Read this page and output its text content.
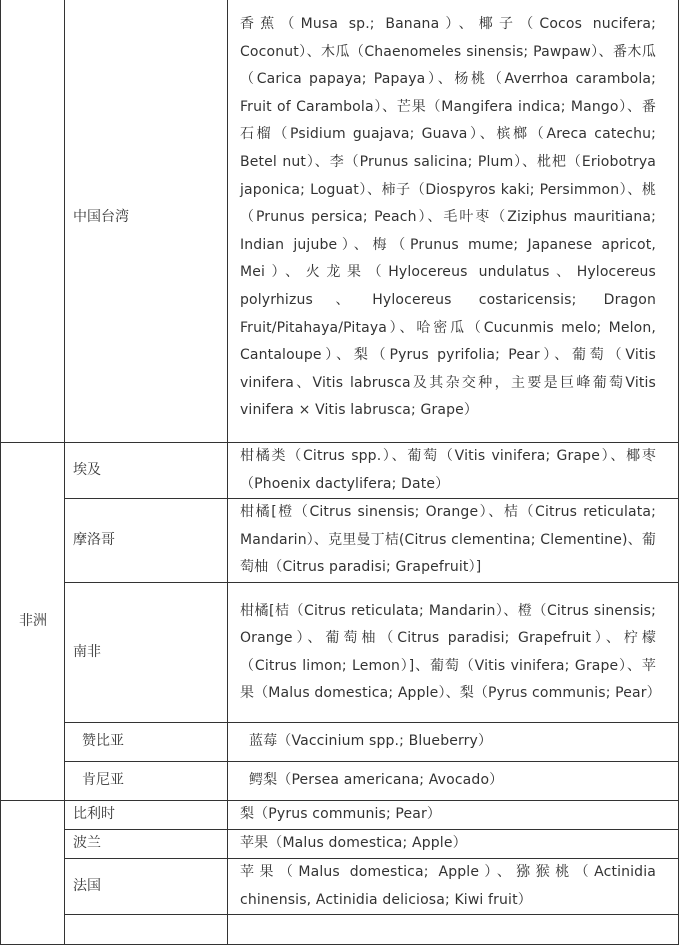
	中国台湾	香蕉（Musa sp.; Banana）、椰子（Cocos nucifera; Coconut）、木瓜（Chaenomeles sinensis; Pawpaw）、番木瓜（Carica papaya; Papaya）、杨桃（Averrhoa carambola; Fruit of Carambola）、芒果（Mangifera indica; Mango）、番石榴（Psidium guajava; Guava）、槟榔（Areca catechu; Betel nut）、李（Prunus salicina; Plum）、枇杷（Eriobotrya japonica; Loguat）、柿子（Diospyros kaki; Persimmon）、桃（Prunus persica; Peach）、毛叶枣（Ziziphus mauritiana; Indian jujube）、梅（Prunus mume; Japanese apricot, Mei）、火龙果（Hylocereus undulatus、Hylocereus polyrhizus、Hylocereus costaricensis; Dragon Fruit/Pitahaya/Pitaya）、哈密瓜（Cucunmis melo; Melon, Cantaloupe）、梨（Pyrus pyrifolia; Pear）、葡萄（Vitis vinifera、Vitis labrusca及其杂交种，主要是巨峰葡萄Vitis vinifera × Vitis labrusca; Grape）
非洲	埃及	柑橘类（Citrus spp.）、葡萄（Vitis vinifera; Grape）、椰枣（Phoenix dactylifera; Date）
	摩洛哥	柑橘[橙（Citrus sinensis; Orange）、桔（Citrus reticulata; Mandarin）、克里曼丁桔(Citrus clementina; Clementine)、葡萄柚（Citrus paradisi; Grapefruit）]
	南非	柑橘[桔（Citrus reticulata; Mandarin）、橙（Citrus sinensis; Orange）、葡萄柚（Citrus paradisi; Grapefruit）、柠檬（Citrus limon; Lemon）]、葡萄（Vitis vinifera; Grape）、苹果（Malus domestica; Apple）、梨（Pyrus communis; Pear）
	赞比亚	蓝莓（Vaccinium spp.; Blueberry）
	肯尼亚	鳄梨（Persea americana; Avocado）
	比利时	梨（Pyrus communis; Pear）
	波兰	苹果（Malus domestica; Apple）
	法国	苹果（Malus domestica; Apple）、猕猴桃（Actinidia chinensis, Actinidia deliciosa; Kiwi fruit）
